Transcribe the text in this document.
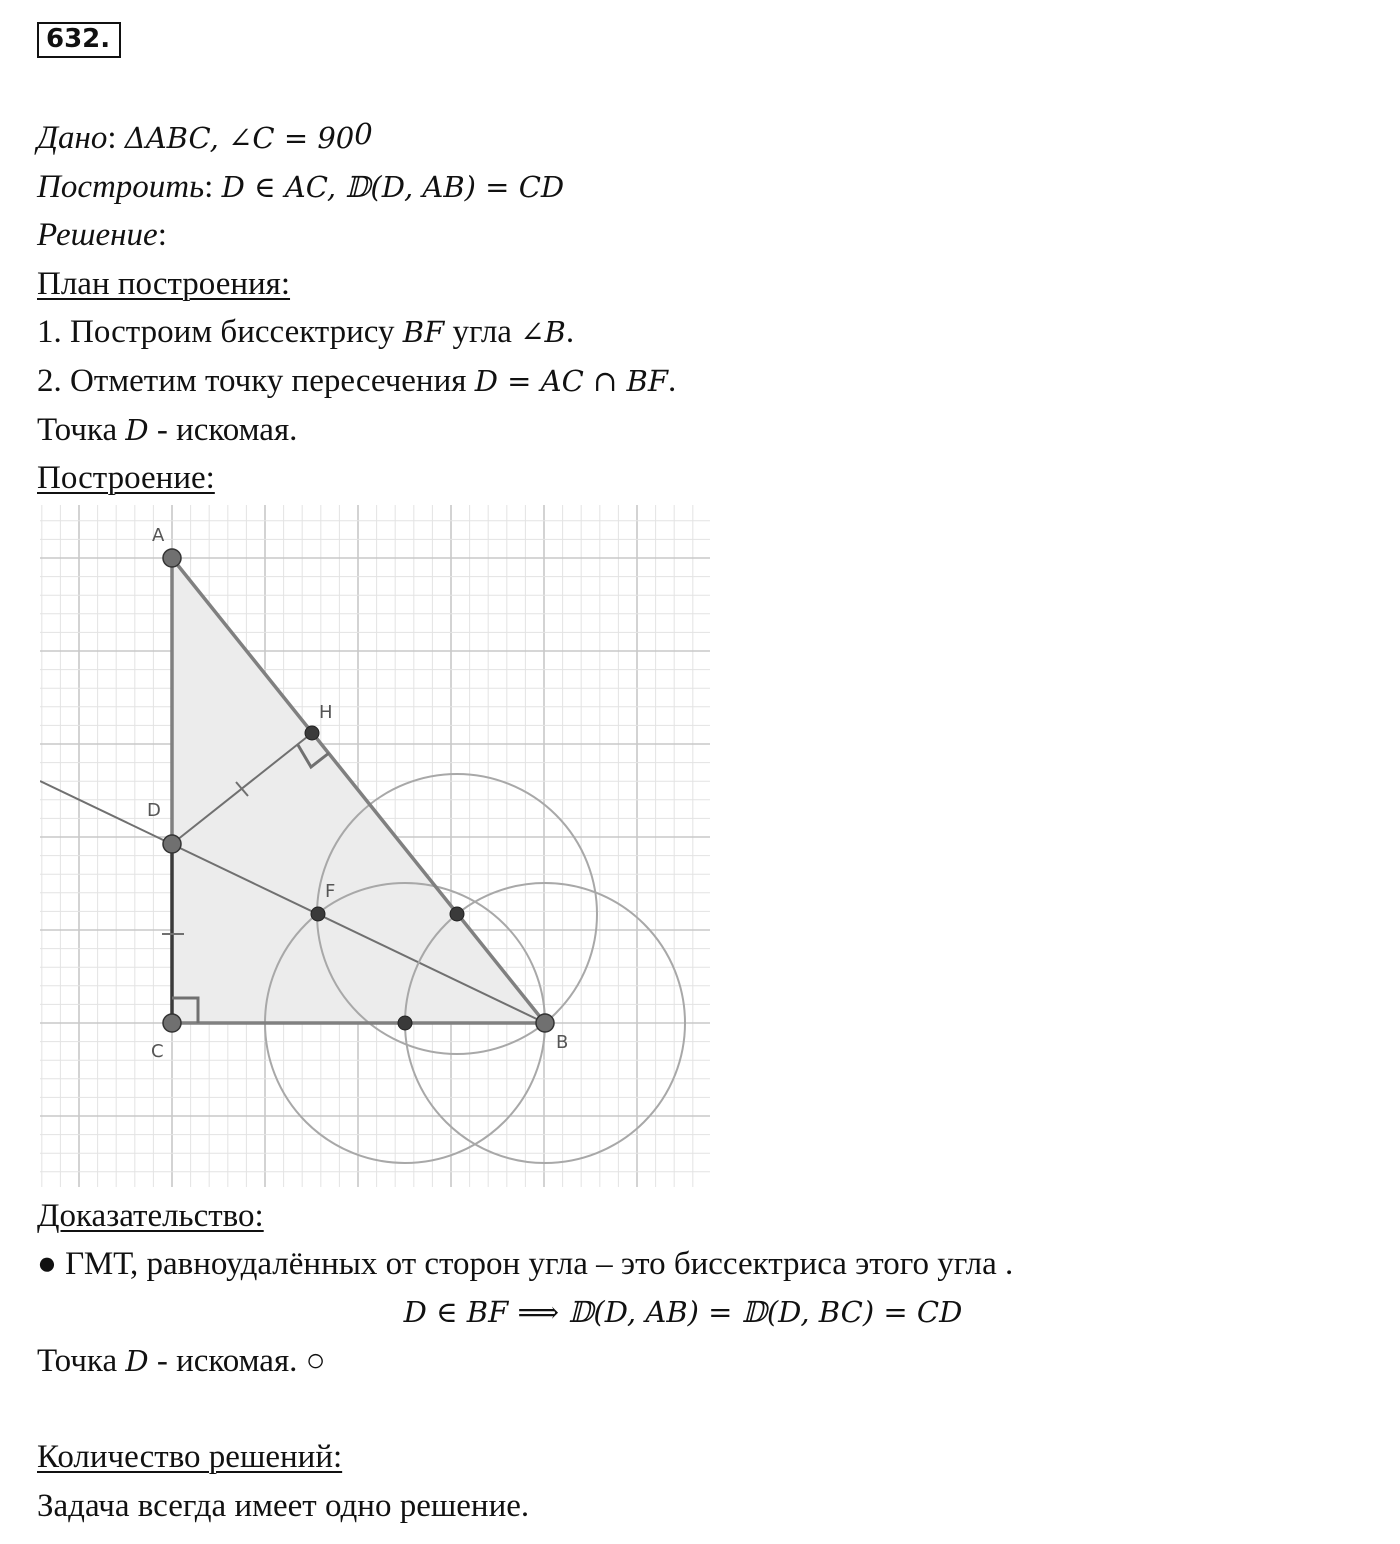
632.
Дано: ΔABC, ∠C = $90^0$
Построить: D ∈ AC, 𝔻(D, AB) = CD
Решение:
План построения:
1. Построим биссектрису BF угла ∠B.
2. Отметим точку пересечения D = AC ∩ BF.
Точка D - искомая.
Построение:
A
H
D
F
C	B
Доказательство:
● ГМТ, равноудалённых от сторон угла – это биссектриса этого угла .
D ∈ BF ⟹ 𝔻(D, AB) = 𝔻(D, BC) = CD
Точка D - искомая. ○
Количество решений:
Задача всегда имеет одно решение.
